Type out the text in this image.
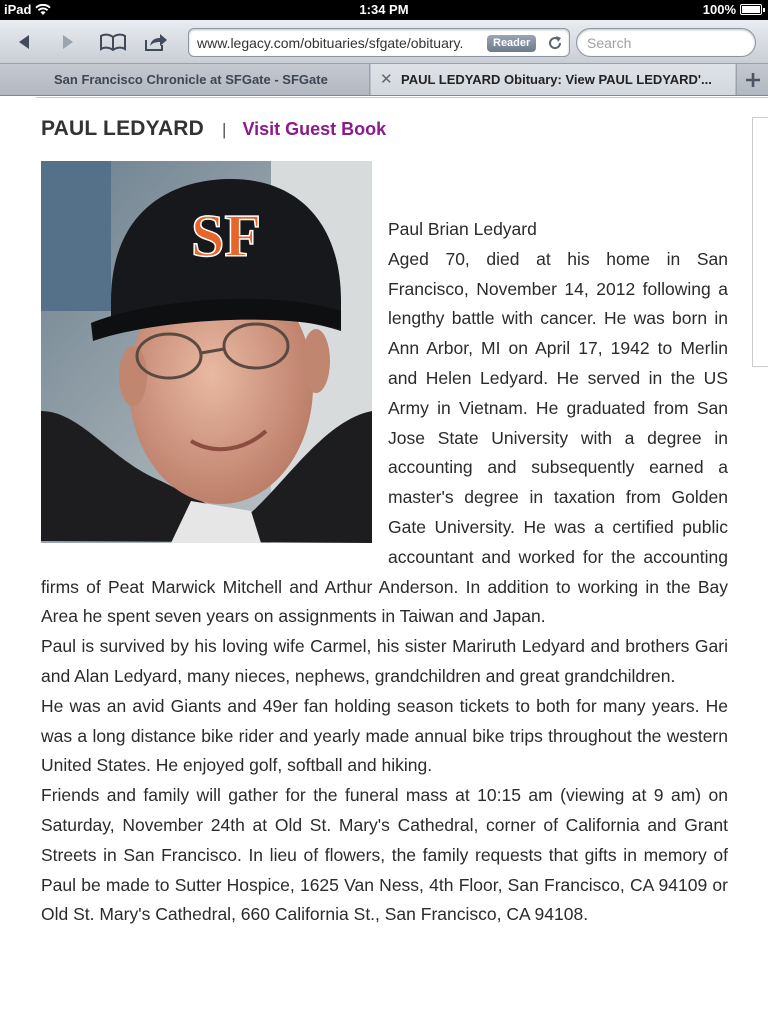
iPad	1:34 PM	100%
www.legacy.com/obituaries/sfgate/obituary.	Reader
Search
San Francisco Chronicle at SFGate - SFGate	✕ PAUL LEDYARD Obituary: View PAUL LEDYARD'...
PAUL LEDYARD | Visit Guest Book
SF	Paul Brian Ledyard

Aged 70, died at his home in San Francisco, November 14, 2012 following a lengthy battle with cancer. He was born in Ann Arbor, MI on April 17, 1942 to Merlin and Helen Ledyard. He served in the US Army in Vietnam. He graduated from San Jose State University with a degree in accounting and subsequently earned a master's degree in taxation from Golden Gate University. He was a certified public accountant and worked for the accounting firms of Peat Marwick Mitchell and Arthur Anderson. In addition to working in the Bay Area he spent seven years on assignments in Taiwan and Japan.

Paul is survived by his loving wife Carmel, his sister Mariruth Ledyard and brothers Gari and Alan Ledyard, many nieces, nephews, grandchildren and great grandchildren.

He was an avid Giants and 49er fan holding season tickets to both for many years. He was a long distance bike rider and yearly made annual bike trips throughout the western United States. He enjoyed golf, softball and hiking.

Friends and family will gather for the funeral mass at 10:15 am (viewing at 9 am) on Saturday, November 24th at Old St. Mary's Cathedral, corner of California and Grant Streets in San Francisco. In lieu of flowers, the family requests that gifts in memory of Paul be made to Sutter Hospice, 1625 Van Ness, 4th Floor, San Francisco, CA 94109 or Old St. Mary's Cathedral, 660 California St., San Francisco, CA 94108.
